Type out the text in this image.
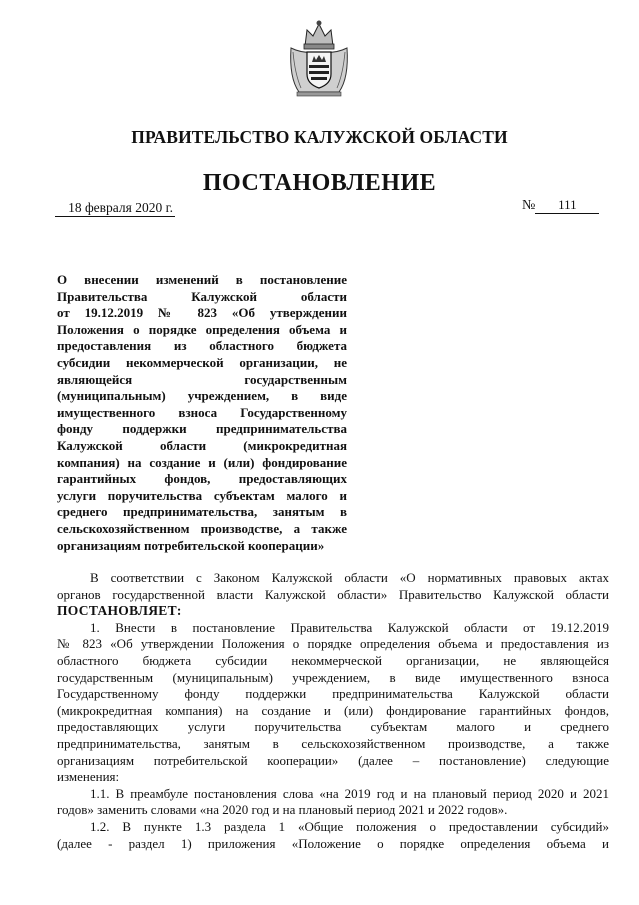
ПРАВИТЕЛЬСТВО КАЛУЖСКОЙ ОБЛАСТИ
ПОСТАНОВЛЕНИЕ
18 февраля 2020 г.	№ 111
О внесении изменений в постановление
Правительства Калужской области
от 19.12.2019 № 823 «Об утверждении
Положения о порядке определения объема и
предоставления из областного бюджета
субсидии некоммерческой организации, не
являющейся государственным
(муниципальным) учреждением, в виде
имущественного взноса Государственному
фонду поддержки предпринимательства
Калужской области (микрокредитная
компания) на создание и (или) фондирование
гарантийных фондов, предоставляющих
услуги поручительства субъектам малого и
среднего предпринимательства, занятым в
сельскохозяйственном производстве, а также
организациям потребительской кооперации»
В соответствии с Законом Калужской области «О нормативных правовых актах
органов государственной власти Калужской области» Правительство Калужской области
ПОСТАНОВЛЯЕТ:
1. Внести в постановление Правительства Калужской области от 19.12.2019
№ 823 «Об утверждении Положения о порядке определения объема и предоставления из
областного бюджета субсидии некоммерческой организации, не являющейся
государственным (муниципальным) учреждением, в виде имущественного взноса
Государственному фонду поддержки предпринимательства Калужской области
(микрокредитная компания) на создание и (или) фондирование гарантийных фондов,
предоставляющих услуги поручительства субъектам малого и среднего
предпринимательства, занятым в сельскохозяйственном производстве, а также
организациям потребительской кооперации» (далее – постановление) следующие
изменения:
1.1. В преамбуле постановления слова «на 2019 год и на плановый период 2020 и 2021
годов» заменить словами «на 2020 год и на плановый период 2021 и 2022 годов».
1.2. В пункте 1.3 раздела 1 «Общие положения о предоставлении субсидий»
(далее - раздел 1) приложения «Положение о порядке определения объема и
